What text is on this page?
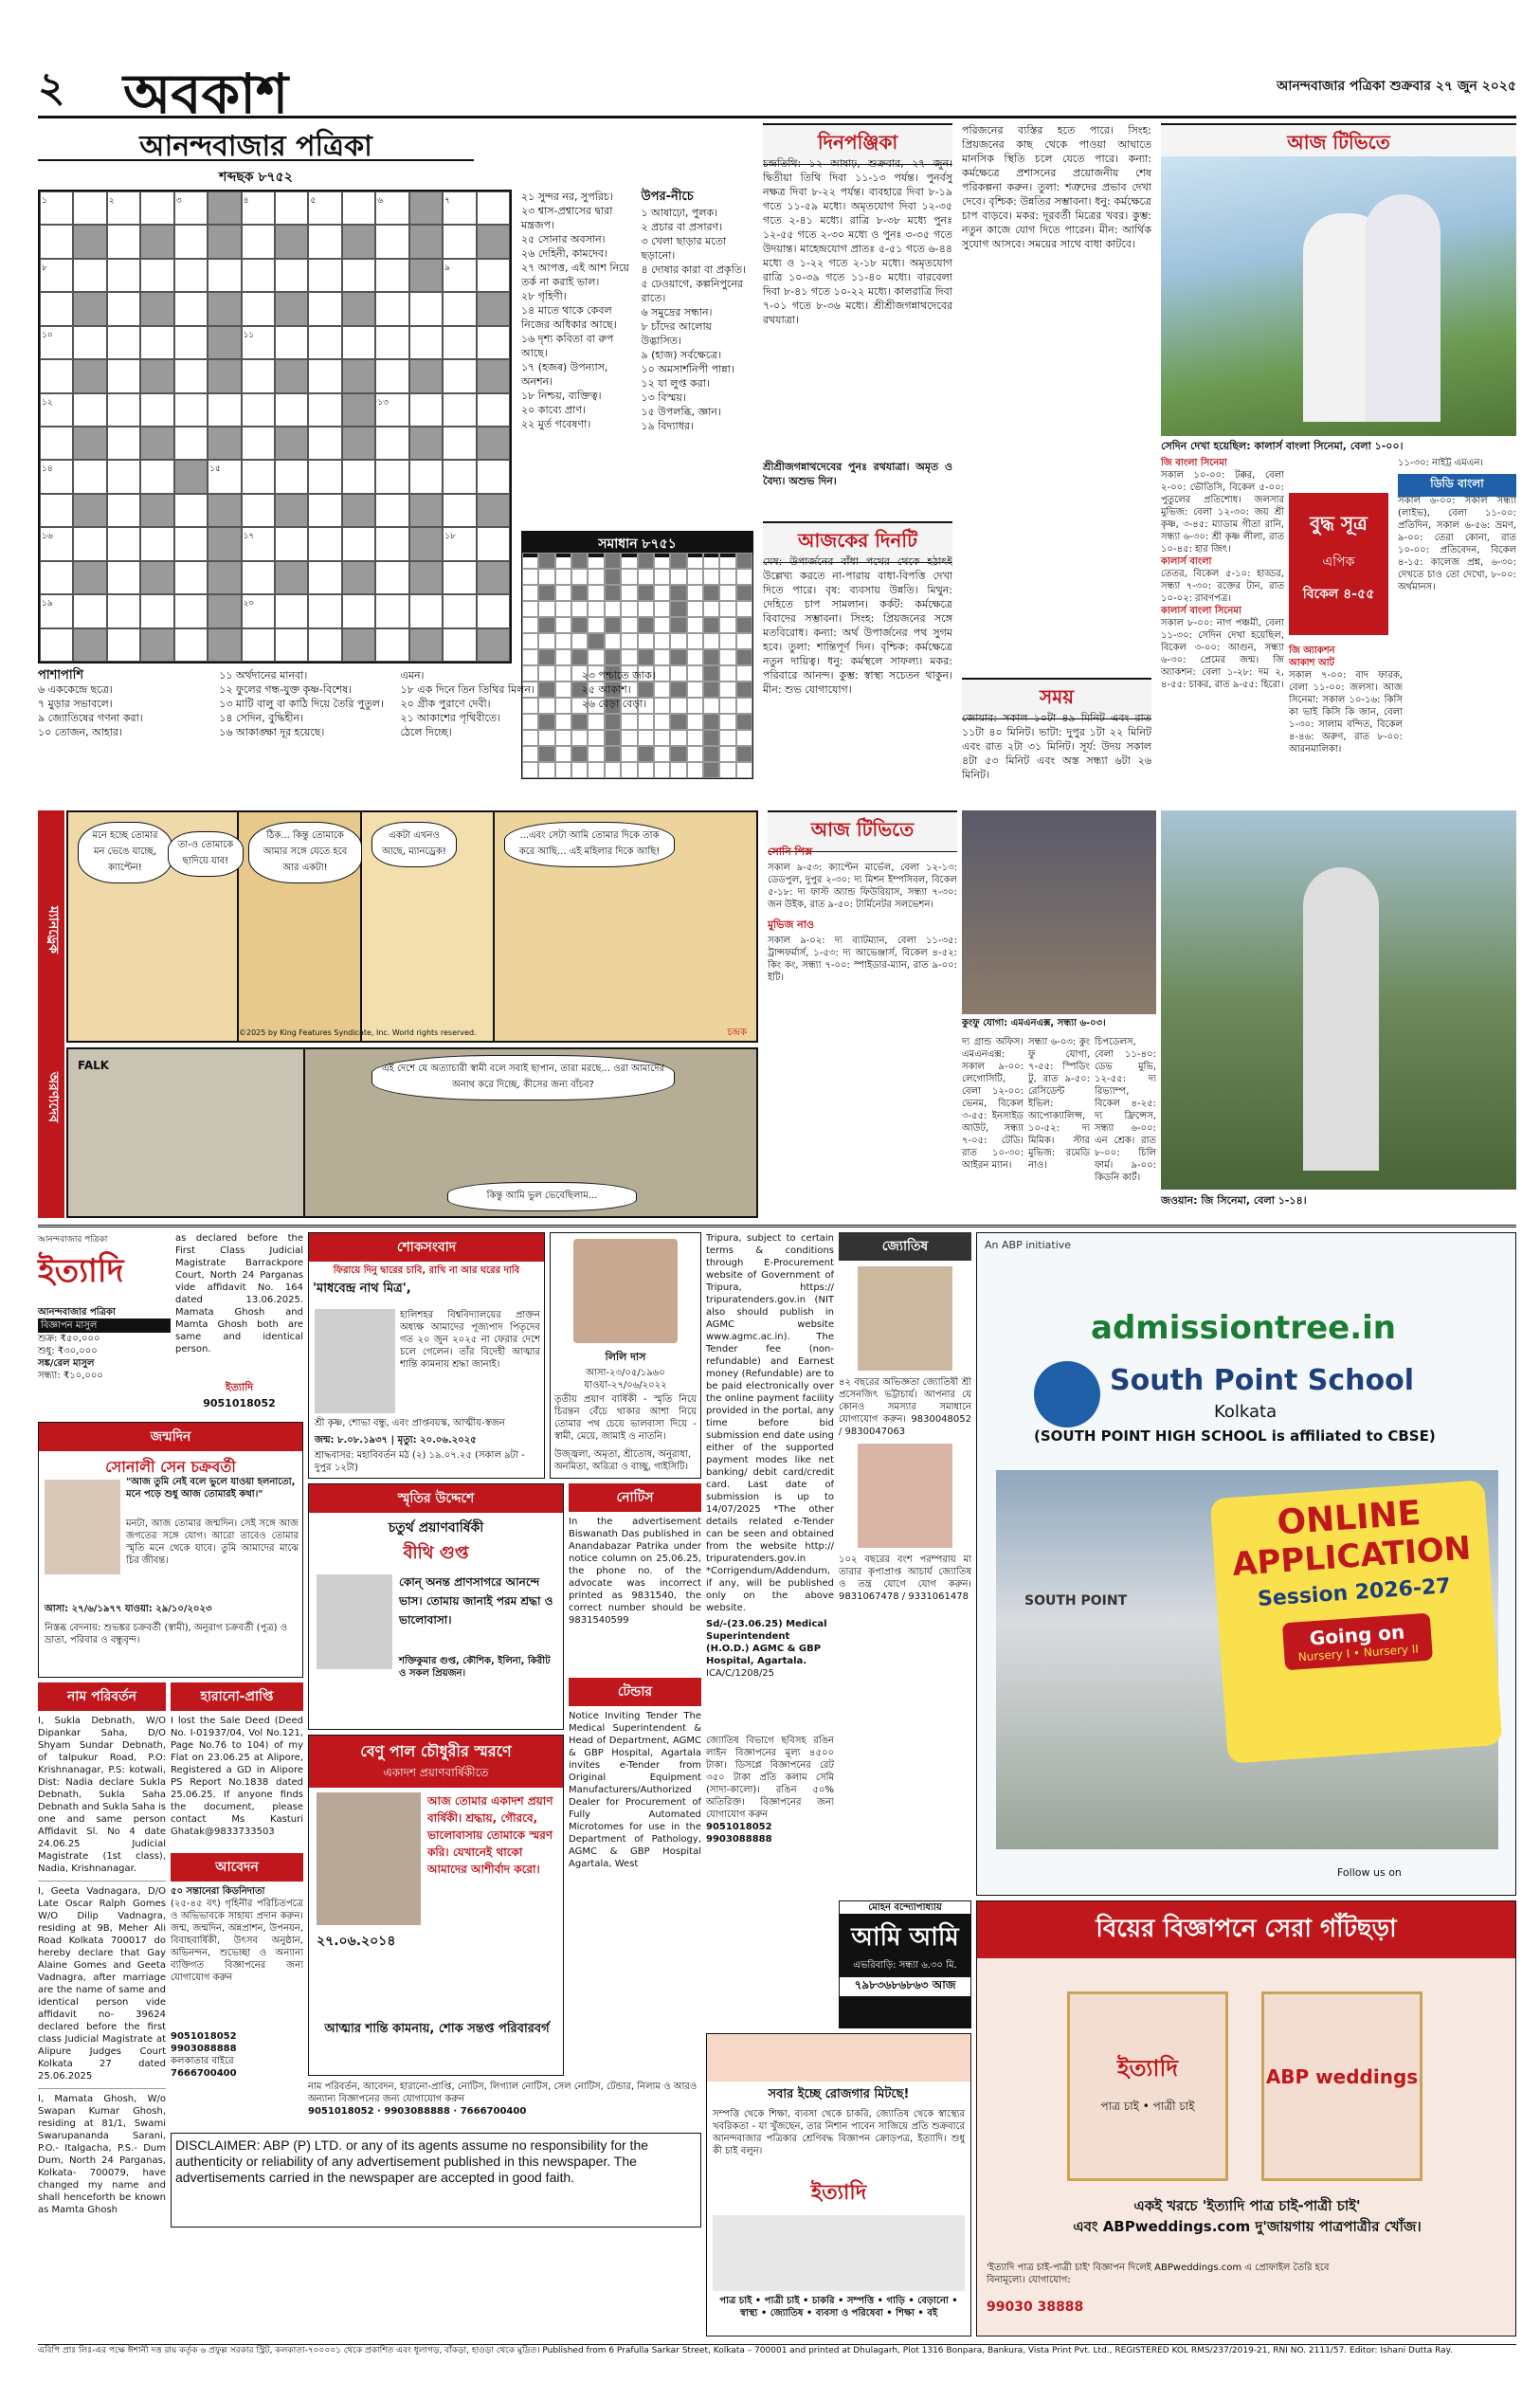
২ অবকাশ	আনন্দবাজার পত্রিকা শুক্রবার ২৭ জুন ২০২৫
আনন্দবাজার পত্রিকা
শব্দছক ৮৭৫২
১	২	৩	৪	৫	৬	৭
৮	৯
১০	১১
১২	১৩
১৪	১৫
১৬	১৭	১৮
১৯	২০
২১ সুন্দর নর, সুপরিচ।
২৩ শ্বাস-প্রশ্বাসের দ্বারা মন্ত্রজপ।
২৫ সোনার অবসান।
২৬ দেহিনী, কামদেব।
২৭ আপত্ত, এই আশ নিয়ে তর্ক না করাই ভাল।
২৮ গৃহিণী।
১৪ মাতে থাকে কেবল নিজের অধিকার আছে।
১৬ দৃশ্য কবিতা বা রুপ আছে।
১৭ (হজৰ) উপন্যাস, অনশন।
১৮ নিশ্চয়, ব্যক্তিত্ব।
২০ কাব্যে প্রাণ।
২২ মুৰ্ত গবেষণা।
উপর-নীচে
১ আষাঢ়ো, পুলক।
২ প্রচার বা প্রসারণ।
৩ খেলা ছাড়ার মতো ছড়ানো।
৪ দোষার কারা বা প্রকৃতি।
৫ ঢেওয়াগে, কল্পনিপুনের রাতে।
৬ সমুদ্রের সন্ধান।
৮ চাঁদের আলোয় উদ্ভাসিত।
৯ (হাজ) সর্বক্ষেত্রে।
১০ অমসাৰ্শনিপী পান্না।
১২ যা লুপ্ত করা।
১৩ বিস্ময়।
১৫ উপলব্ধি, জ্ঞান।
১৯ বিদ্যাধর।
সমাধান ৮৭৫১
পাশাপাশি
৬ এককেন্দ্রে ছত্রে।
৭ মুড়ার সভাবলে।
৯ জ্যোতিষের গণনা করা।
১০ তোজন, আহার।
১১ অর্থদানের মানবা।
১২ ফুলের গন্ধ-যুক্ত কৃষ্ণ-বিশেষ।
১৩ মাটি বালু বা কাঠি দিয়ে তৈরি পুতুল।
১৪ সেদিন, বুদ্ধিহীন।
১৬ আকাঙ্ক্ষা দূর হয়েছে।
এমন।
১৮ এক দিনে তিন তিথির মিলন।
২০ গ্রীক পুরাণে দেবী।
২১ আকাশের পৃথিবীতে।
ঠেলে দিচ্ছে।
২৩ পশ্চাতে জাক।
২৫ আকাশ।
২৬ বেড়া বেড়া।
দিনপঞ্জিকা
চন্দ্রতিথি: ১২ আষাঢ়, শুক্রবার, ২৭ জুন। দ্বিতীয়া তিথি দিবা ১১-১৩ পর্যন্ত। পুনর্বসু নক্ষত্র দিবা ৮-২২ পর্যন্ত। ব্যবহারে দিবা ৮-১৯ গতে ১১-৫৯ মধ্যে। অমৃতযোগ দিবা ১২-৩৫ গতে ২-৪১ মধ্যে। রাত্রি ৮-৩৮ মধ্যে পুনঃ ১২-৫৫ গতে ২-৩০ মধ্যে ও পুনঃ ৩-৩৫ গতে উদয়ান্ত। মাহেন্দ্রযোগ প্রাতঃ ৫-৫১ গতে ৬-৪৪ মধ্যে ও ১-২২ গতে ২-১৮ মধ্যে। অমৃতযোগ রাত্রি ১০-৩৯ গতে ১১-৪০ মধ্যে। বারবেলা দিবা ৮-৪১ গতে ১০-২২ মধ্যে। কালরাত্রি দিবা ৭-০১ গতে ৮-৩৬ মধ্যে। শ্রীশ্রীজগন্নাথদেবের রথযাত্রা।
শ্রীশ্রীজগন্নাথদেবের পুনঃ রথযাত্রা। অমৃত ও বৈদ্য। অশুভ দিন।
আজকের দিনটি
মেষ: উপার্জনের বাঁধা পথের থেকে হঠাৎই উল্লেখ্য করতে না-পারায় বাধা-বিপত্তি দেখা দিতে পারে। বৃষ: ব্যবসায় উন্নতি। মিথুন: দেহিতে চাপ সামলান। কর্কট: কর্মক্ষেত্রে বিবাদের সম্ভাবনা। সিংহ: প্রিয়জনের সঙ্গে মতবিরোধ। কন্যা: অর্থ উপার্জনের পথ সুগম হবে। তুলা: শান্তিপূর্ণ দিন। বৃশ্চিক: কর্মক্ষেত্রে নতুন দায়িত্ব। ধনু: কর্মস্থলে সাফল্য। মকর: পরিবারে আনন্দ। কুম্ভ: স্বাস্থ্য সচেতন থাকুন। মীন: শুভ যোগাযোগ।
পরিজনের ব্যস্তির হতে পারে। সিংহ: প্রিয়জনের কাছ থেকে পাওয়া আঘাতে মানসিক স্থিতি চলে যেতে পারে। কন্যা: কর্মক্ষেত্রে প্রশাসনের প্রয়োজনীয় শেষ পরিকল্পনা করুন। তুলা: শত্রুদের প্রভাব দেখা দেবে। বৃশ্চিক: উন্নতির সম্ভাবনা। ধনু: কর্মক্ষেত্রে চাপ বাড়বে। মকর: দূরবর্তী মিত্রের খবর। কুম্ভ: নতুন কাজে যোগ দিতে পারেন। মীন: আর্থিক সুযোগ আসবে। সময়ের সাথে বাধা কাটবে।
সময়
জোয়ার: সকাল ১০টা ৪৯ মিনিট এবং রাত ১১টা ৪০ মিনিট। ভাটা: দুপুর ১টা ২২ মিনিট এবং রাত ২টা ৩১ মিনিট। সূর্য: উদয় সকাল ৪টা ৫৩ মিনিট এবং অস্ত সন্ধ্যা ৬টা ২৬ মিনিট।
আজ টিভিতে
সেদিন দেখা হয়েছিল: কালার্স বাংলা সিনেমা, বেলা ১-০০।
জি বাংলা সিনেমা
সকাল ১০-০০: টক্কর, বেলা ২-০০: ভৌতিসি, বিকেল ৫-০০: পুতুলের প্রতিশোধ। জলসার মুভিজ: বেলা ১২-৩০: জয় শ্রী কৃষ্ণ, ৩-৪৫: ম্যাডাম গীতা রানি, সন্ধ্যা ৬-৩০: শ্রী কৃষ্ণ লীলা, রাত ১০-৪৫: হার জিৎ।
কালার্স বাংলা
তেতর, বিকেল ৫-১০: হাড্ডর, সন্ধ্যা ৭-৩০: রক্তের টান, রাত ১০-০২: রাবণপত্র।
কালার্স বাংলা সিনেমা
সকাল ৮-০০: নাগ পঞ্চমী, বেলা ১১-৩০: সেদিন দেখা হয়েছিল, বিকেল ৩-০০: আগুন, সন্ধ্যা ৬-৩০: প্রেমের জন্ম। জি অ্যাকশন: বেলা ১-২৮: দম ২, ৪-৫৫: চাকর, রাত ৯-৫৫: হিরো।
বুদ্ধ সূত্র
এপিক
বিকেল ৪-৫৫
জি অ্যাকশন
আকাশ আট
সকাল ৭-০০: বাদ ফারক, বেলা ১১-০০: জলসা। আজ সিনেমা: সকাল ১০-১৬: কিসি কা ভাই কিসি কি জান, বেলা ১-৩০: সালাম বন্দিত, বিকেল ৪-৪৬: অরুণ, রাত ৮-০০: আরনমালিকা।
১১-৩০: নাইট্ট এমএন।
ডিডি বাংলা
সকাল ৬-০০: সকাল সন্ধ্যা (লাইভ), বেলা ১১-০০: প্রতিদিন, সকাল ৬-৫৬: ভ্রমণ, ৯-০০: তেরা কোনা, রাত ১০-০০: প্রতিবেদন, বিকেল ৪-১৫: কালেজ প্রশ্ন, ৬-৩০: দেখতে চাও তো দেখো, ৮-০০: অর্থমানস।
জওয়ান: জি সিনেমা, বেলা ১-১৪।
ম্যানড্রেক অরণ্যদেব
মনে হচ্ছে তোমার মন ভেঙে যাচ্ছে, ক্যাপ্টেন!
তা-ও তোমাকে ছাদিয়ে যাব!
ঠিক... কিন্তু তোমাকে আমার সঙ্গে যেতে হবে আর একটা!
একটা এখনও আছে, ম্যানড্রেক!
...এবং সেটা আমি তোমার দিকে তাক করে আছি... এই মহিলার দিকে আছি!
©2025 by King Features Syndicate, Inc. World rights reserved.	চন্দ্রক
FALK	এই দেশে যে অত্যাচারী স্বামী বলে সবাই ছাপান, তারা মরছে... ওরা আমাদের অনাথ করে দিচ্ছে, কীসের জন্য বাঁচব?
কিন্তু আমি ভুল ভেবেছিলাম...
আজ টিভিতে
সোনি পিক্স
সকাল ৯-৫৩: ক্যাপ্টেন মার্ভেল, বেলা ১২-১৩: ডেডপুল, দুপুর ২-৩০: দ্য মিশন ইম্পসিবল, বিকেল ৫-১৮: দ্য ফাস্ট অ্যান্ড ফিউরিয়াস, সন্ধ্যা ৭-৩০: জন উইক, রাত ৯-৫০: টার্মিনেটর সলভেশন।
মুভিজ নাও
সকাল ৯-০২: দ্য ব্যাটম্যান, বেলা ১১-৩৫: ট্রান্সফর্মার্স, ১-৫৩: দ্য আভেঞ্জার্স, বিকেল ৪-৫২: কিং কং, সন্ধ্যা ৭-০০: স্পাইডার-ম্যান, রাত ৯-০০: ইটি।
কুংফু যোগা: এমএনএক্স, সন্ধ্যা ৬-০৩।
দ্য গ্রান্ড অফিস। এমএনএক্স: সকাল ৯-০০: লেগোসিটি, বেলা ১২-০০: ভেনম, বিকেল ৩-৫৫: ইনসাইড আউট, সন্ধ্যা ৭-০৫: টেডি। রাত ১০-৩০: আইরন ম্যান।
সন্ধ্যা ৬-০৩: কুং ফু যোগা, ৭-৫৫: স্পিডিং টু, রাত ৯-৫০: রেসিডেন্ট ইভিল: আপোক্যালিপ্স, ১০-৫২: দ্য মিমিক। স্টার মুভিজ: রমেডি নাও।
চিপডেলস, বেলা ১১-৪০: ডেভ মুভি, ১২-৫৫: দ্য রিভ্যাম্প, বিকেল ৪-২৫: দ্য ফ্রিন্সেস, সন্ধ্যা ৬-০০: এন শ্রেক। রাত ৮-০০: চিলি ফার্ম। ৯-০০: কিডনি কার্ট।
আনন্দবাজার পত্রিকা
ইত্যাদি
আনন্দবাজার পত্রিকা
বিজ্ঞাপন মাসুল
শুক্র: ₹৫০,০০০
শুধু: ₹৩০,০০০
সঙ্ক/রেল মাসুল
সন্ধ্যা: ₹১০,০০০
as declared before the First Class Judicial Magistrate Barrackpore Court, North 24 Parganas vide affidavit No. 164 dated 13.06.2025. Mamata Ghosh and Mamta Ghosh both are same and identical person.
ইত্যাদি
9051018052
জন্মদিন
সোনালী সেন চক্রবর্তী
"আজ তুমি নেই বলে ভুলে যাওয়া হলনাতো, মনে পড়ে শুধু আজ তোমারই কথা।"
মনটা, আজ তোমার জন্মদিন। সেই সঙ্গে আজ জগতের সঙ্গে যোগ। আরো তাবেও তোমার স্মৃতি মনে থেকে যাবে। তুমি আমাদের মাঝে চির জীবন্ত।
আসা: ২৭/৬/১৯৭৭ যাওয়া: ২৯/১০/২০২৩
নিস্তব্ধ বেদনায়: শুভঙ্কর চক্রবর্তী (স্বামী), অনুরাগ চক্রবর্তী (পুত্র) ও ভ্রাতা, পরিবার ও বন্ধুবৃন্দ।
নাম পরিবর্তন
I, Sukla Debnath, W/O Dipankar Saha, D/O Shyam Sundar Debnath, of talpukur Road, P.O: Krishnanagar, P.S: kotwali, Dist: Nadia declare Sukla Debnath, Sukla Saha Debnath and Sukla Saha is one and same person Affidavit Sl. No 4 date 24.06.25 Judicial Magistrate (1st class), Nadia, Krishnanagar.
I, Geeta Vadnagara, D/O Late Oscar Ralph Gomes W/O Dilip Vadnagra, residing at 9B, Meher Ali Road Kolkata 700017 do hereby declare that Gay Alaine Gomes and Geeta Vadnagra, after marriage are the name of same and identical person vide affidavit no- 39624 declared before the first class Judicial Magistrate at Alipure Judges Court Kolkata 27 dated 25.06.2025
I, Mamata Ghosh, W/o Swapan Kumar Ghosh, residing at 81/1, Swami Swarupananda Sarani, P.O.- Italgacha, P.S.- Dum Dum, North 24 Parganas, Kolkata- 700079, have changed my name and shall henceforth be known as Mamta Ghosh
হারানো-প্রাপ্তি
I lost the Sale Deed (Deed No. I-01937/04, Vol No.121, Page No.76 to 104) of my Flat on 23.06.25 at Alipore, Registered a GD in Alipore PS Report No.1838 dated 25.06.25. If anyone finds the document, please contact Ms Kasturi Ghatak@9833733503
আবেদন
৫০ সন্তানেরা কিডনিদাতা
(২৫-৪৫ বৎ) গৃহিনীর পরিচিতপত্রে ও অভিভাবকে সাহায্য প্রদান করুন। জন্ম, জন্মদিন, অন্নপ্রাশন, উপনয়ন, বিবাহবার্ষিকী, উৎসব অনুষ্ঠান, অভিনন্দন, শুভেচ্ছা ও অন্যান্য ব্যক্তিগত বিজ্ঞাপনের জন্য যোগাযোগ করুন
9051018052
9903088888
কলকাতার বাইরে
7666700400
শোকসংবাদ
ফিরায়ে দিনু দ্বারের চাবি, রাখি না আর ঘরের দাবি
'মাধবেন্দ্র নাথ মিত্র',
হালিশহর বিশ্ববিদ্যালয়ের প্রাক্তন অধ্যক্ষ আমাদের পূজ্যপাদ পিতৃদেব গত ২০ জুন ২০২৫ না ফেরার দেশে চলে গেলেন। তাঁর বিদেহী আত্মার শান্তি কামনায় শ্রদ্ধা জানাই।
শ্রী কৃষ্ণ, শোভা বন্ধু, এবং প্রাপ্তবয়স্ক, আত্মীয়-স্বজন
জন্ম: ৮.০৮.১৯৩৭ | মৃত্যু: ২০.০৬.২০২৫
শ্রাদ্ধবাসর: মহাবিবর্তন মঠ (২) ১৯.০৭.২৫ (সকাল ৯টা - দুপুর ১২টা)
লিলি দাস
আসা-২৩/০৫/১৯৬০ যাওয়া-২৭/০৬/২০২২
তৃতীয় প্রয়াণ বার্ষিকী - স্মৃতি নিয়ে চিরন্তন বেঁচে থাকার আশা নিয়ে তোমার পথ চেয়ে ভালবাসা দিয়ে - স্বামী, মেয়ে, জামাই ও নাতনি।
উজ্জ্বলা, অমৃতা, শ্রীতোষ, অনুরাধা, অনমিতা, অরিত্রা ও বাচ্ছু, গাইসিটি।
স্মৃতির উদ্দেশে
চতুর্থ প্রয়াণবার্ষিকী
বীথি গুপ্ত
কোন্ অনন্ত প্রাণসাগরে আনন্দে ভাস। তোমায় জানাই পরম শ্রদ্ধা ও ভালোবাসা।
শক্তিকুমার গুপ্ত, কৌশিক, ইলিনা, কিরীট ও সকল প্রিয়জন।
বেণু পাল চৌধুরীর স্মরণে
একাদশ প্রয়াণবার্ষিকীতে
আজ তোমার একাদশ প্রয়াণ বার্ষিকী। শ্রদ্ধায়, গৌরবে, ভালোবাসায় তোমাকে স্মরণ করি। যেখানেই থাকো আমাদের আশীর্বাদ করো।
২৭.০৬.২০১৪
আত্মার শান্তি কামনায়, শোক সন্তপ্ত পরিবারবর্গ
নোটিস
In the advertisement Biswanath Das published in Anandabazar Patrika under notice column on 25.06.25, the phone no. of the advocate was incorrect printed as 9831540, the correct number should be 9831540599
টেন্ডার
Notice Inviting Tender The Medical Superintendent & Head of Department, AGMC & GBP Hospital, Agartala invites e-Tender from Original Equipment Manufacturers/Authorized Dealer for Procurement of Fully Automated Microtomes for use in the Department of Pathology, AGMC & GBP Hospital Agartala, West
Tripura, subject to certain terms & conditions through E-Procurement website of Government of Tripura, https:// tripuratenders.gov.in (NIT also should publish in AGMC website www.agmc.ac.in). The Tender fee (non-refundable) and Earnest money (Refundable) are to be paid electronically over the online payment facility provided in the portal, any time before bid submission end date using either of the supported payment modes like net banking/ debit card/credit card. Last date of submission is up to 14/07/2025 *The other details related e-Tender can be seen and obtained from the website http:// tripuratenders.gov.in *Corrigendum/Addendum, if any, will be published only on the above website.
Sd/-(23.06.25) Medical Superintendent (H.O.D.) AGMC & GBP Hospital, Agartala.
ICA/C/1208/25
নাম পরিবর্তন, আবেদন, হারানো-প্রাপ্তি, নোটিস, লিগ্যাল নোটিস, সেল নোটিস, টেন্ডার, নিলাম ও আরও অন্যান্য বিজ্ঞাপনের জন্য যোগাযোগ করুন
9051018052 · 9903088888 · 7666700400
DISCLAIMER: ABP (P) LTD. or any of its agents assume no responsibility for the authenticity or reliability of any advertisement published in this newspaper. The advertisements carried in the newspaper are accepted in good faith.
জ্যোতিষ
৪২ বছরের অভিজ্ঞতা জ্যোতিষী শ্রী প্রসেনজিৎ ভট্টাচার্য। আপনার যে কোনও সমস্যার সমাধানে যোগাযোগ করুন। 9830048052 / 9830047063
১০২ বছরের বংশ পরম্পরায় মা তারার কৃপাপ্রাপ্ত আচার্য জ্যোতিষ ও তন্ত্র যোগে যোগ করুন। 9831067478 / 9331061478
জ্যোতিষ বিভাগে ছবিসহ রঙিন লাইন বিজ্ঞাপনের মূল্য ৪৫০০ টাকা। ডিসপ্লে বিজ্ঞাপনের রেট ৩৫০ টাকা প্রতি কলাম সেমি (সাদা-কালো)। রঙিন ৫০% অতিরিক্ত। বিজ্ঞাপনের জন্য যোগাযোগ করুন
9051018052
9903088888
মোহন বন্দ্যোপাধ্যায়
আমি আমি
এভরিবাড়ি: সন্ধ্যা ৬.৩০ মি.
৭৯৮৩৬৮৬৮৬৩ আজ
সবার ইচ্ছে রোজগার মিটছে!
সম্পত্তি থেকে শিক্ষা, ব্যবসা থেকে চাকরি, জ্যোতিষ থেকে স্বাস্থ্যের খবরিকতা - যা খুঁজছেন, তার নিশান পাবেন সাজিয়ে প্রতি শুক্রবারে আনন্দবাজার পত্রিকার শ্রেণিবদ্ধ বিজ্ঞাপন ক্রোড়পত্র, ইত্যাদি। শুধু কী চাই বলুন।
ইত্যাদি
পাত্র চাই • পাত্রী চাই • চাকরি • সম্পত্তি • গাড়ি • বেড়ানো • স্বাস্থ্য • জ্যোতিষ • ব্যবসা ও পরিষেবা • শিক্ষা • বই
An ABP initiative
admissiontree.in
South Point School
Kolkata
(SOUTH POINT HIGH SCHOOL is affiliated to CBSE)
SOUTH POINT
ONLINE
APPLICATION
Session 2026-27
Going on
Nursery I • Nursery II
Follow us on
বিয়ের বিজ্ঞাপনে সেরা গাঁটছড়া
ইত্যাদি
পাত্র চাই • পাত্রী চাই
ABP weddings
একই খরচে 'ইত্যাদি পাত্র চাই-পাত্রী চাই'
এবং ABPweddings.com দু'জায়গায় পাত্রপাত্রীর খোঁজ।
'ইত্যাদি পাত্র চাই-পাত্রী চাই' বিজ্ঞাপন দিলেই ABPweddings.com এ প্রোফাইল তৈরি হবে বিনামূল্যে। যোগাযোগ:
99030 38888
এবিপি প্রাঃ লিঃ-এর পক্ষে ঈশানী দত্ত রায় কর্তৃক ৬ প্রফুল্ল সরকার স্ট্রিট, কলকাতা-৭০০০০১ থেকে প্রকাশিত এবং ধূলাগড়, বাঁকড়া, হাওড়া থেকে মুদ্রিত। Published from 6 Prafulla Sarkar Street, Kolkata – 700001 and printed at Dhulagarh, Plot 1316 Bonpara, Bankura, Vista Print Pvt. Ltd., REGISTERED KOL RMS/237/2019-21, RNI NO. 2111/57. Editor: Ishani Dutta Ray.
